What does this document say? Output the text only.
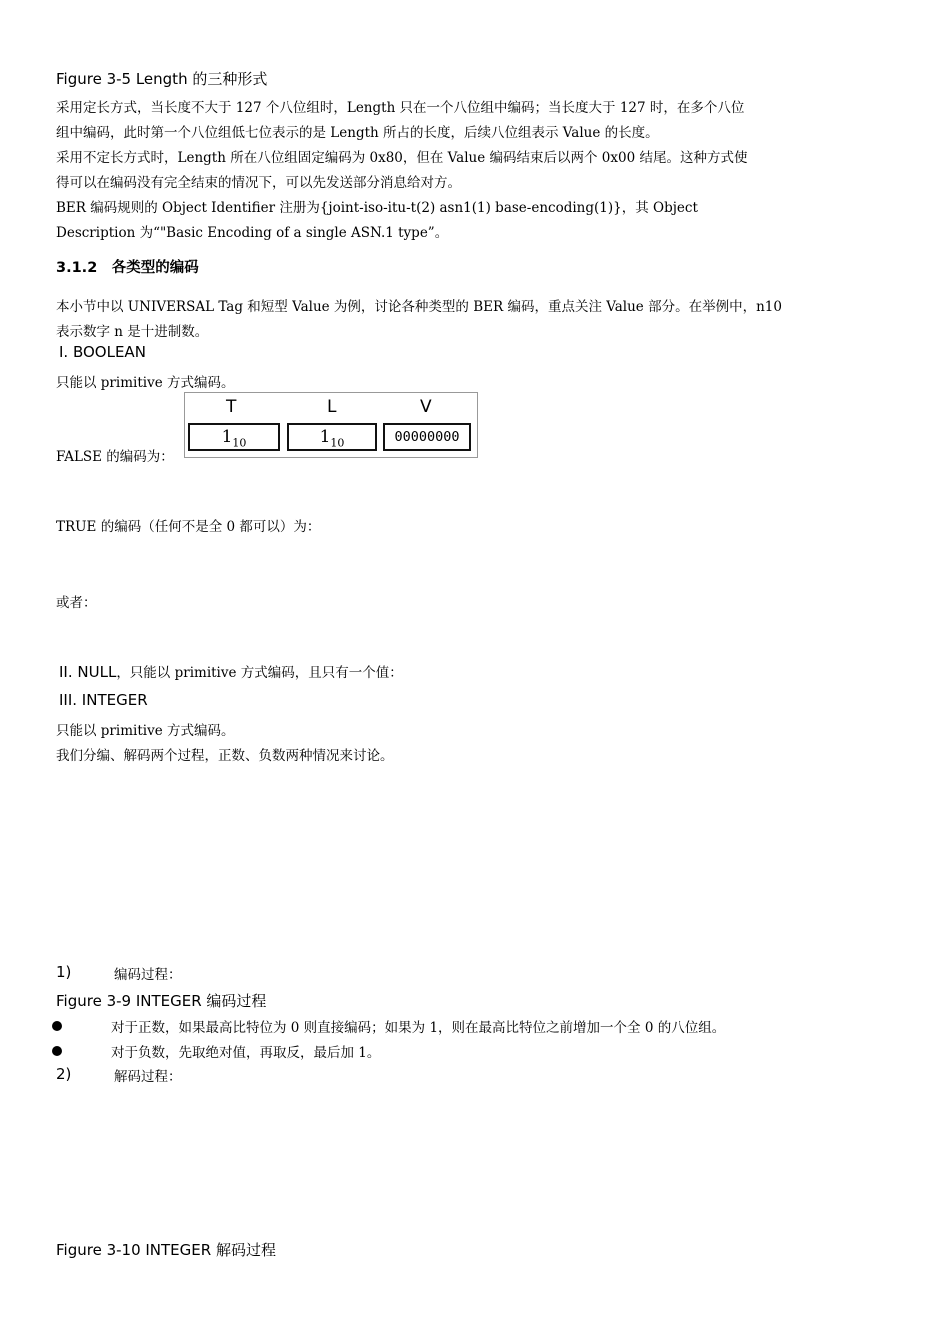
Figure 3-5 Length 的三种形式
采用定长方式，当长度不大于 127 个八位组时，Length 只在一个八位组中编码；当长度大于 127 时，在多个八位
组中编码，此时第一个八位组低七位表示的是 Length 所占的长度，后续八位组表示 Value 的长度。
采用不定长方式时，Length 所在八位组固定编码为 0x80，但在 Value 编码结束后以两个 0x00 结尾。这种方式使
得可以在编码没有完全结束的情况下，可以先发送部分消息给对方。
BER 编码规则的 Object Identifier 注册为{joint-iso-itu-t(2) asn1(1) base-encoding(1)}，其 Object
Description 为“"Basic Encoding of a single ASN.1 type”。
3.1.2　各类型的编码
本小节中以 UNIVERSAL Tag 和短型 Value 为例，讨论各种类型的 BER 编码，重点关注 Value 部分。在举例中，n10
表示数字 n 是十进制数。
I. BOOLEAN
只能以 primitive 方式编码。
FALSE 的编码为：
T	L	V
$1_{10}$	$1_{10}$	00000000
TRUE 的编码（任何不是全 0 都可以）为：
或者：
II. NULL，只能以 primitive 方式编码，且只有一个值：
III. INTEGER
只能以 primitive 方式编码。
我们分编、解码两个过程，正数、负数两种情况来讨论。
1)	编码过程：
Figure 3-9 INTEGER 编码过程
对于正数，如果最高比特位为 0 则直接编码；如果为 1，则在最高比特位之前增加一个全 0 的八位组。
对于负数，先取绝对值，再取反，最后加 1。
2)	解码过程：
Figure 3-10 INTEGER 解码过程
